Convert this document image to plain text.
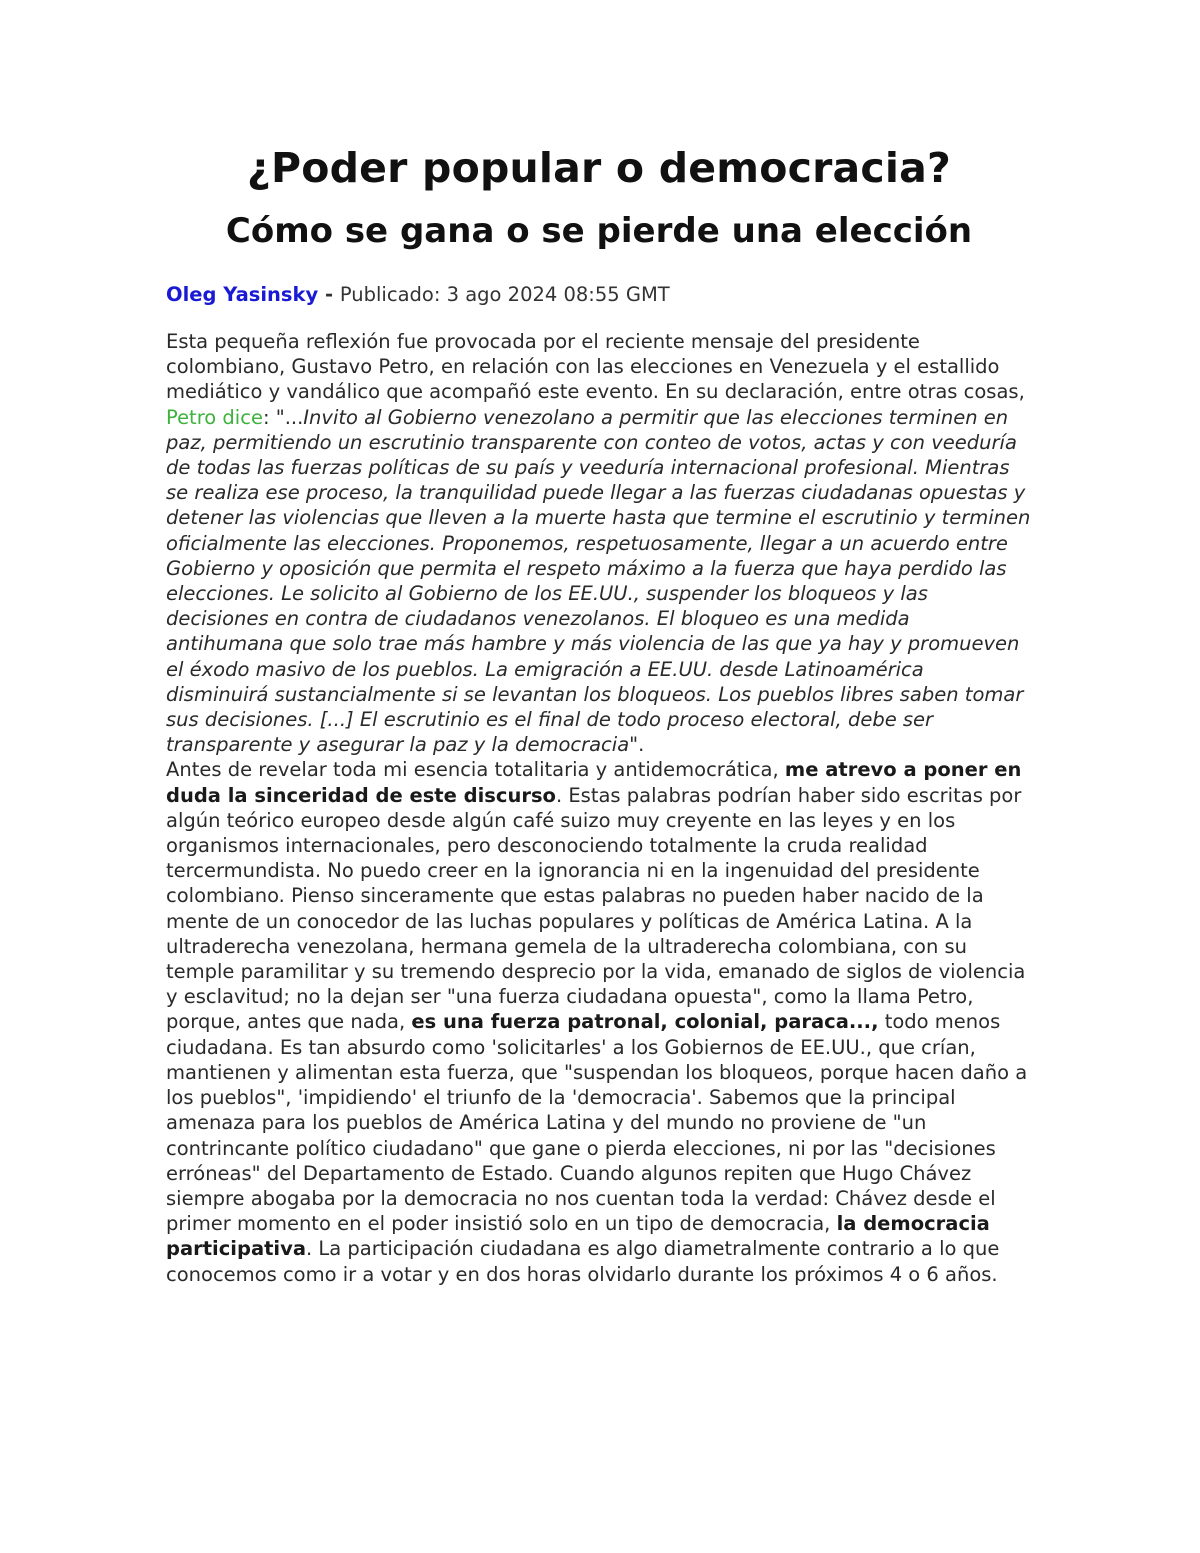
¿Poder popular o democracia?
Cómo se gana o se pierde una elección
Oleg Yasinsky - Publicado: 3 ago 2024 08:55 GMT

Esta pequeña reflexión fue provocada por el reciente mensaje del presidente colombiano, Gustavo Petro, en relación con las elecciones en Venezuela y el estallido mediático y vandálico que acompañó este evento. En su declaración, entre otras cosas, Petro dice: "...Invito al Gobierno venezolano a permitir que las elecciones terminen en paz, permitiendo un escrutinio transparente con conteo de votos, actas y con veeduría de todas las fuerzas políticas de su país y veeduría internacional profesional. Mientras se realiza ese proceso, la tranquilidad puede llegar a las fuerzas ciudadanas opuestas y detener las violencias que lleven a la muerte hasta que termine el escrutinio y terminen oficialmente las elecciones. Proponemos, respetuosamente, llegar a un acuerdo entre Gobierno y oposición que permita el respeto máximo a la fuerza que haya perdido las elecciones. Le solicito al Gobierno de los EE.UU., suspender los bloqueos y las decisiones en contra de ciudadanos venezolanos. El bloqueo es una medida antihumana que solo trae más hambre y más violencia de las que ya hay y promueven el éxodo masivo de los pueblos. La emigración a EE.UU. desde Latinoamérica disminuirá sustancialmente si se levantan los bloqueos. Los pueblos libres saben tomar sus decisiones. [...] El escrutinio es el final de todo proceso electoral, debe ser transparente y asegurar la paz y la democracia".

Antes de revelar toda mi esencia totalitaria y antidemocrática, me atrevo a poner en duda la sinceridad de este discurso. Estas palabras podrían haber sido escritas por algún teórico europeo desde algún café suizo muy creyente en las leyes y en los organismos internacionales, pero desconociendo totalmente la cruda realidad tercermundista. No puedo creer en la ignorancia ni en la ingenuidad del presidente colombiano. Pienso sinceramente que estas palabras no pueden haber nacido de la mente de un conocedor de las luchas populares y políticas de América Latina. A la ultraderecha venezolana, hermana gemela de la ultraderecha colombiana, con su temple paramilitar y su tremendo desprecio por la vida, emanado de siglos de violencia y esclavitud; no la dejan ser "una fuerza ciudadana opuesta", como la llama Petro, porque, antes que nada, es una fuerza patronal, colonial, paraca..., todo menos ciudadana. Es tan absurdo como 'solicitarles' a los Gobiernos de EE.UU., que crían, mantienen y alimentan esta fuerza, que "suspendan los bloqueos, porque hacen daño a los pueblos", 'impidiendo' el triunfo de la 'democracia'. Sabemos que la principal amenaza para los pueblos de América Latina y del mundo no proviene de "un contrincante político ciudadano" que gane o pierda elecciones, ni por las "decisiones erróneas" del Departamento de Estado. Cuando algunos repiten que Hugo Chávez siempre abogaba por la democracia no nos cuentan toda la verdad: Chávez desde el primer momento en el poder insistió solo en un tipo de democracia, la democracia participativa. La participación ciudadana es algo diametralmente contrario a lo que conocemos como ir a votar y en dos horas olvidarlo durante los próximos 4 o 6 años.
